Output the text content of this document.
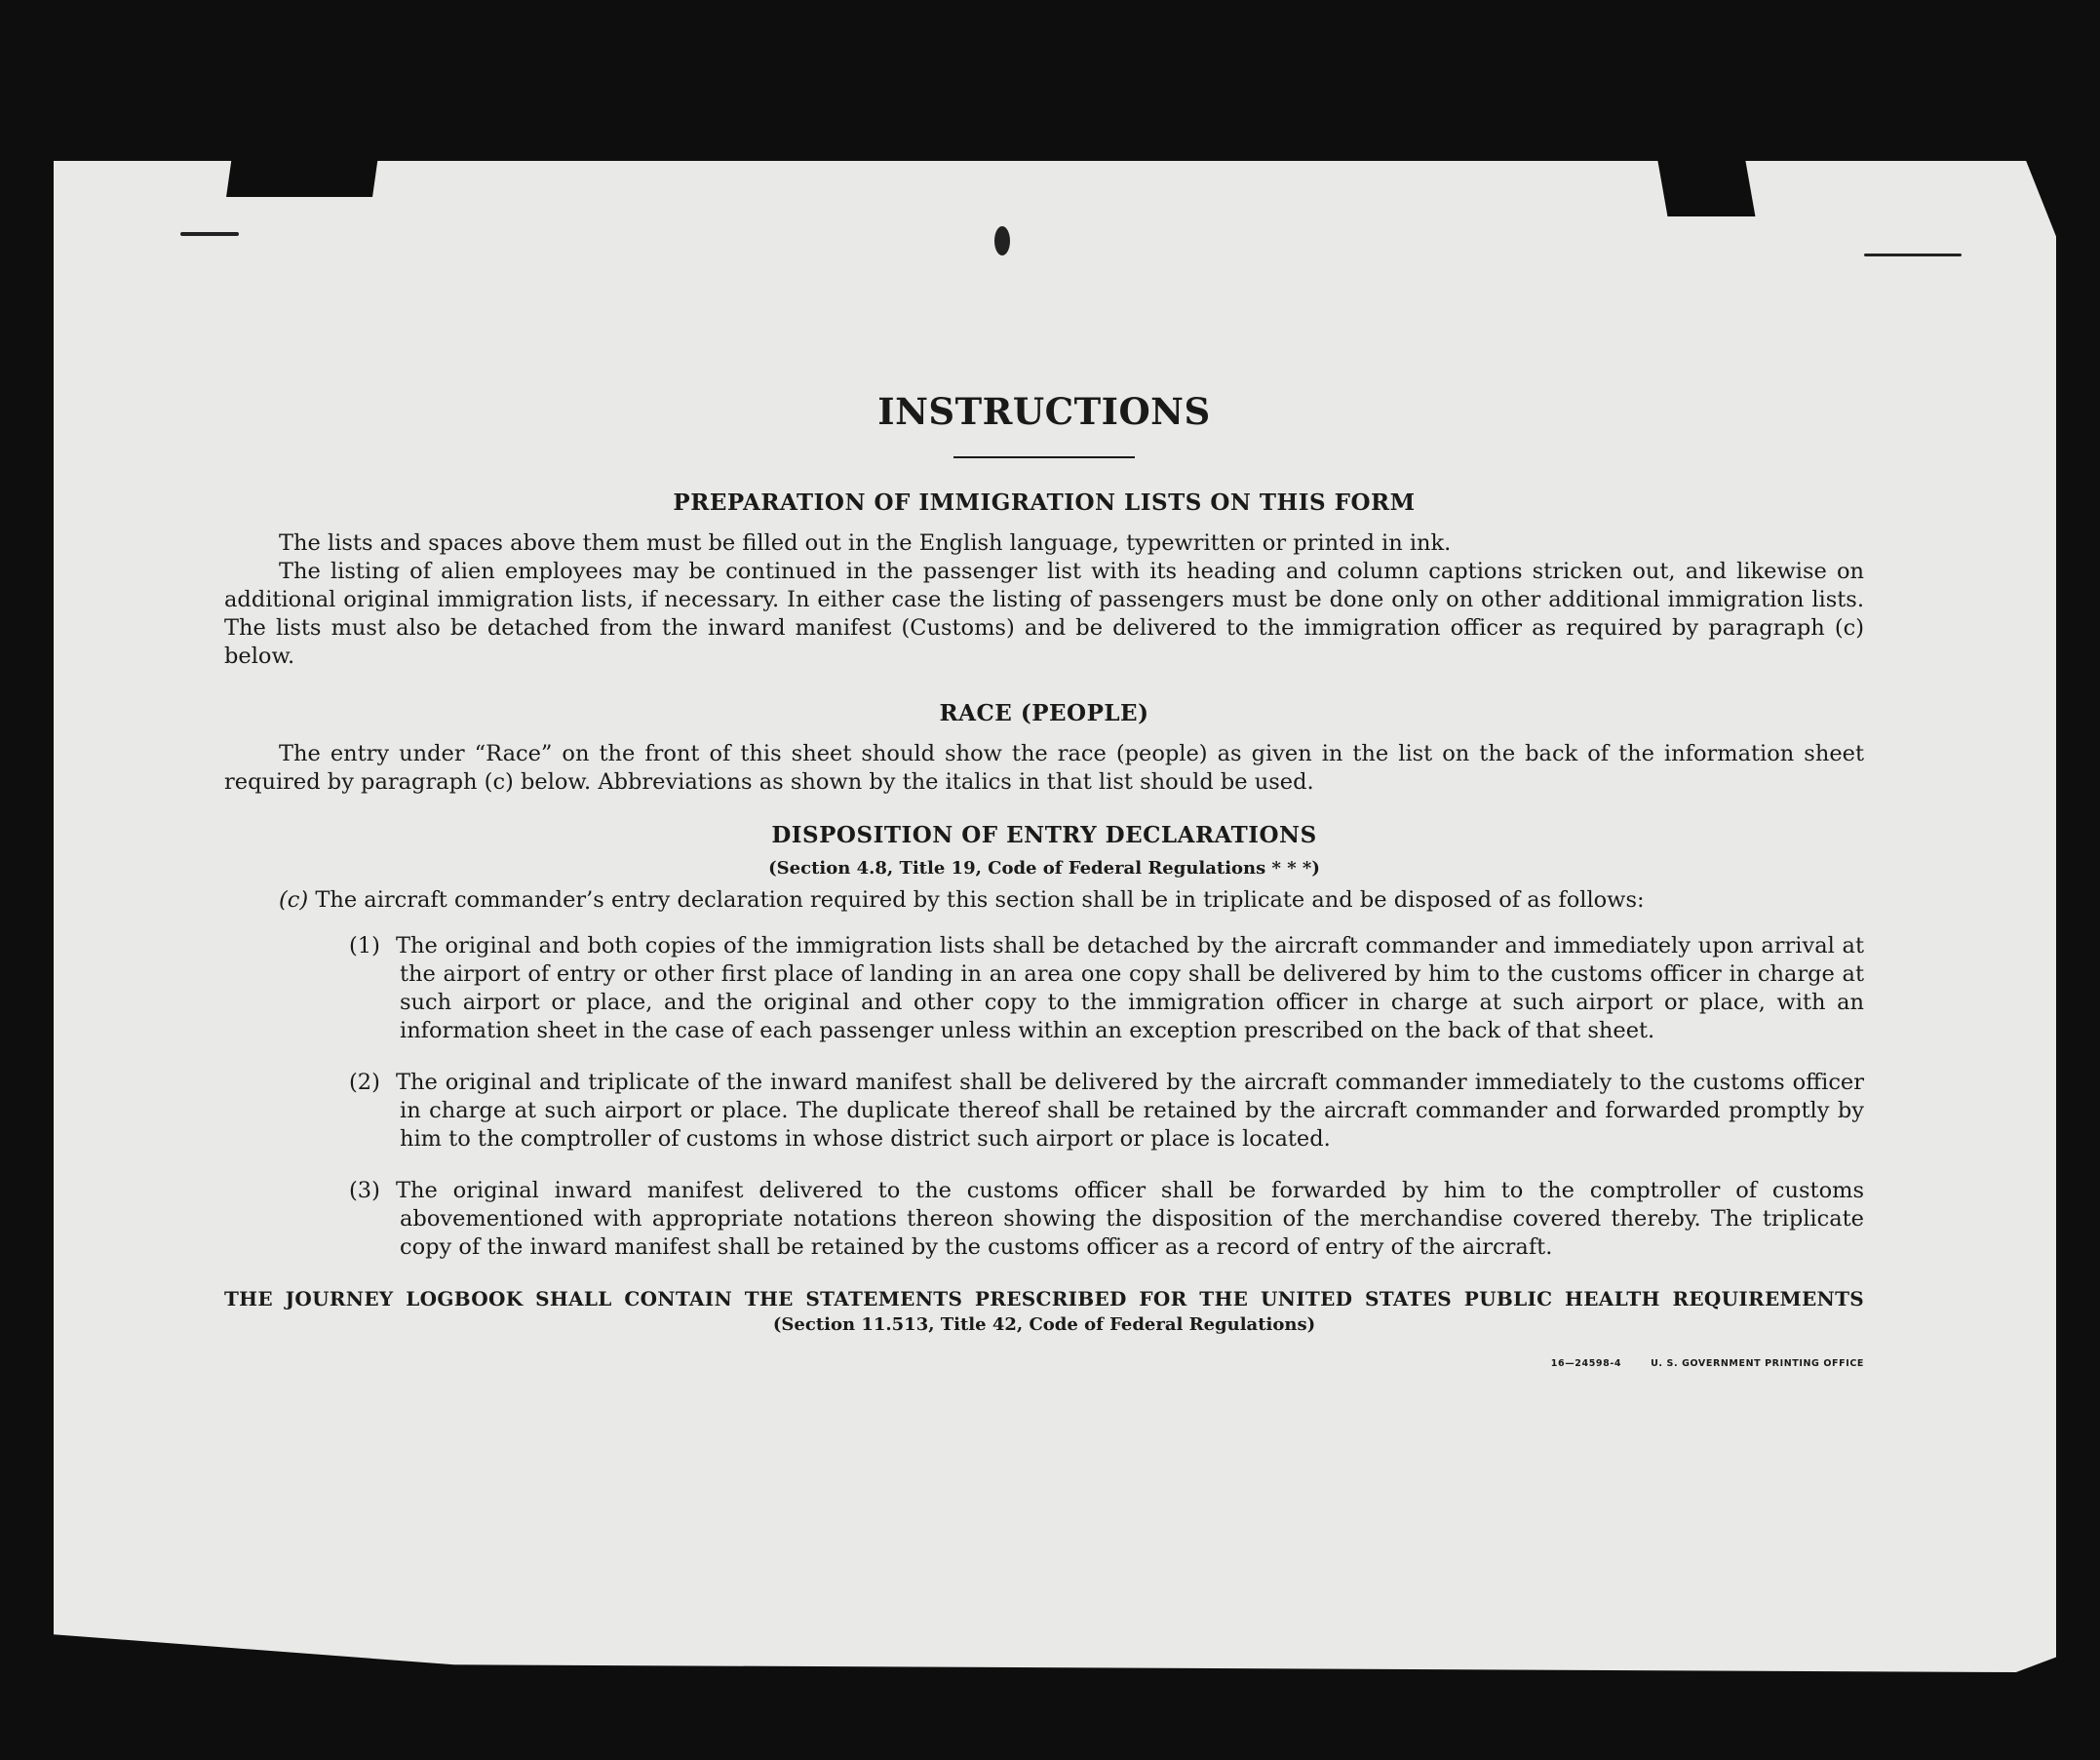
INSTRUCTIONS
PREPARATION OF IMMIGRATION LISTS ON THIS FORM

The lists and spaces above them must be filled out in the English language, typewritten or printed in ink.

The listing of alien employees may be continued in the passenger list with its heading and column captions stricken out, and likewise on additional original immigration lists, if necessary. In either case the listing of passengers must be done only on other additional immigration lists. The lists must also be detached from the inward manifest (Customs) and be delivered to the immigration officer as required by paragraph (c) below.

RACE (PEOPLE)

The entry under “Race” on the front of this sheet should show the race (people) as given in the list on the back of the information sheet required by paragraph (c) below. Abbreviations as shown by the italics in that list should be used.

DISPOSITION OF ENTRY DECLARATIONS
(Section 4.8, Title 19, Code of Federal Regulations * * *)

(c) The aircraft commander’s entry declaration required by this section shall be in triplicate and be disposed of as follows:

(1) The original and both copies of the immigration lists shall be detached by the aircraft commander and immediately upon arrival at the airport of entry or other first place of landing in an area one copy shall be delivered by him to the customs officer in charge at such airport or place, and the original and other copy to the immigration officer in charge at such airport or place, with an information sheet in the case of each passenger unless within an exception prescribed on the back of that sheet.

(2) The original and triplicate of the inward manifest shall be delivered by the aircraft commander immediately to the customs officer in charge at such airport or place. The duplicate thereof shall be retained by the aircraft commander and forwarded promptly by him to the comptroller of customs in whose district such airport or place is located.

(3) The original inward manifest delivered to the customs officer shall be forwarded by him to the comptroller of customs abovementioned with appropriate notations thereon showing the disposition of the merchandise covered thereby. The triplicate copy of the inward manifest shall be retained by the customs officer as a record of entry of the aircraft.

THE JOURNEY LOGBOOK SHALL CONTAIN THE STATEMENTS PRESCRIBED FOR THE UNITED STATES PUBLIC HEALTH REQUIREMENTS
(Section 11.513, Title 42, Code of Federal Regulations)
16—24598-4	U. S. GOVERNMENT PRINTING OFFICE
